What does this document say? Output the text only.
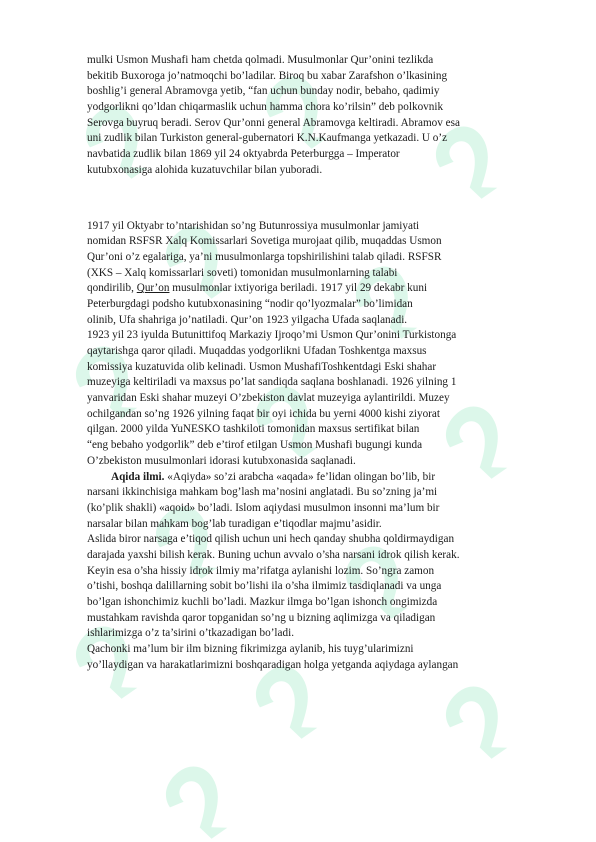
mulki Usmon Mushafi ham chetda qolmadi. Musulmonlar Qur’onini tezlikda
bekitib Buxoroga jo’natmoqchi bo’ladilar. Biroq bu xabar Zarafshon o’lkasining
boshlig’i general Abramovga yetib, “fan uchun bunday nodir, bebaho, qadimiy
yodgorlikni qo’ldan chiqarmaslik uchun hamma chora ko’rilsin” deb polkovnik
Serovga buyruq beradi. Serov Qur’onni general Abramovga keltiradi. Abramov esa
uni zudlik bilan Turkiston general-gubernatori K.N.Kaufmanga yetkazadi. U o’z
navbatida zudlik bilan 1869 yil 24 oktyabrda Peterburgga – Imperator
kutubxonasiga alohida kuzatuvchilar bilan yuboradi.
1917 yil Oktyabr to’ntarishidan so’ng Butunrossiya musulmonlar jamiyati
nomidan RSFSR Xalq Komissarlari Sovetiga murojaat qilib, muqaddas Usmon
Qur’oni o’z egalariga, ya’ni musulmonlarga topshirilishini talab qiladi. RSFSR
(XKS – Xalq komissarlari soveti) tomonidan musulmonlarning talabi
qondirilib, Qur’on musulmonlar ixtiyoriga beriladi. 1917 yil 29 dekabr kuni
Peterburgdagi podsho kutubxonasining “nodir qo’lyozmalar” bo’limidan
olinib, Ufa shahriga jo’natiladi. Qur’on 1923 yilgacha Ufada saqlanadi.
1923 yil 23 iyulda Butunittifoq Markaziy Ijroqo’mi Usmon Qur’onini Turkistonga
qaytarishga qaror qiladi. Muqaddas yodgorlikni Ufadan Toshkentga maxsus
komissiya kuzatuvida olib kelinadi. Usmon MushafiToshkentdagi Eski shahar
muzeyiga keltiriladi va maxsus po’lat sandiqda saqlana boshlanadi. 1926 yilning 1
yanvaridan Eski shahar muzeyi O’zbekiston davlat muzeyiga aylantirildi. Muzey
ochilgandan so’ng 1926 yilning faqat bir oyi ichida bu yerni 4000 kishi ziyorat
qilgan. 2000 yilda YuNESKO tashkiloti tomonidan maxsus sertifikat bilan
“eng bebaho yodgorlik” deb e’tirof etilgan Usmon Mushafi bugungi kunda
O’zbekiston musulmonlari idorasi kutubxonasida saqlanadi.
Aqida ilmi. «Aqiyda» so’zi arabcha «aqada» fe’lidan olingan bo’lib, bir
narsani ikkinchisiga mahkam bog’lash ma’nosini anglatadi. Bu so’zning ja’mi
(ko’plik shakli) «aqoid» bo’ladi. Islom aqiydasi musulmon insonni ma’lum bir
narsalar bilan mahkam bog’lab turadigan e’tiqodlar majmu’asidir.
Aslida biror narsaga e’tiqod qilish uchun uni hech qanday shubha qoldirmaydigan
darajada yaxshi bilish kerak. Buning uchun avvalo o’sha narsani idrok qilish kerak.
Keyin esa o’sha hissiy idrok ilmiy ma’rifatga aylanishi lozim. So’ngra zamon
o’tishi, boshqa dalillarning sobit bo’lishi ila o’sha ilmimiz tasdiqlanadi va unga
bo’lgan ishonchimiz kuchli bo’ladi. Mazkur ilmga bo’lgan ishonch ongimizda
mustahkam ravishda qaror topganidan so’ng u bizning aqlimizga va qiladigan
ishlarimizga o’z ta’sirini o’tkazadigan bo’ladi.
Qachonki ma’lum bir ilm bizning fikrimizga aylanib, his tuyg’ularimizni
yo’llaydigan va harakatlarimizni boshqaradigan holga yetganda aqiydaga aylangan
